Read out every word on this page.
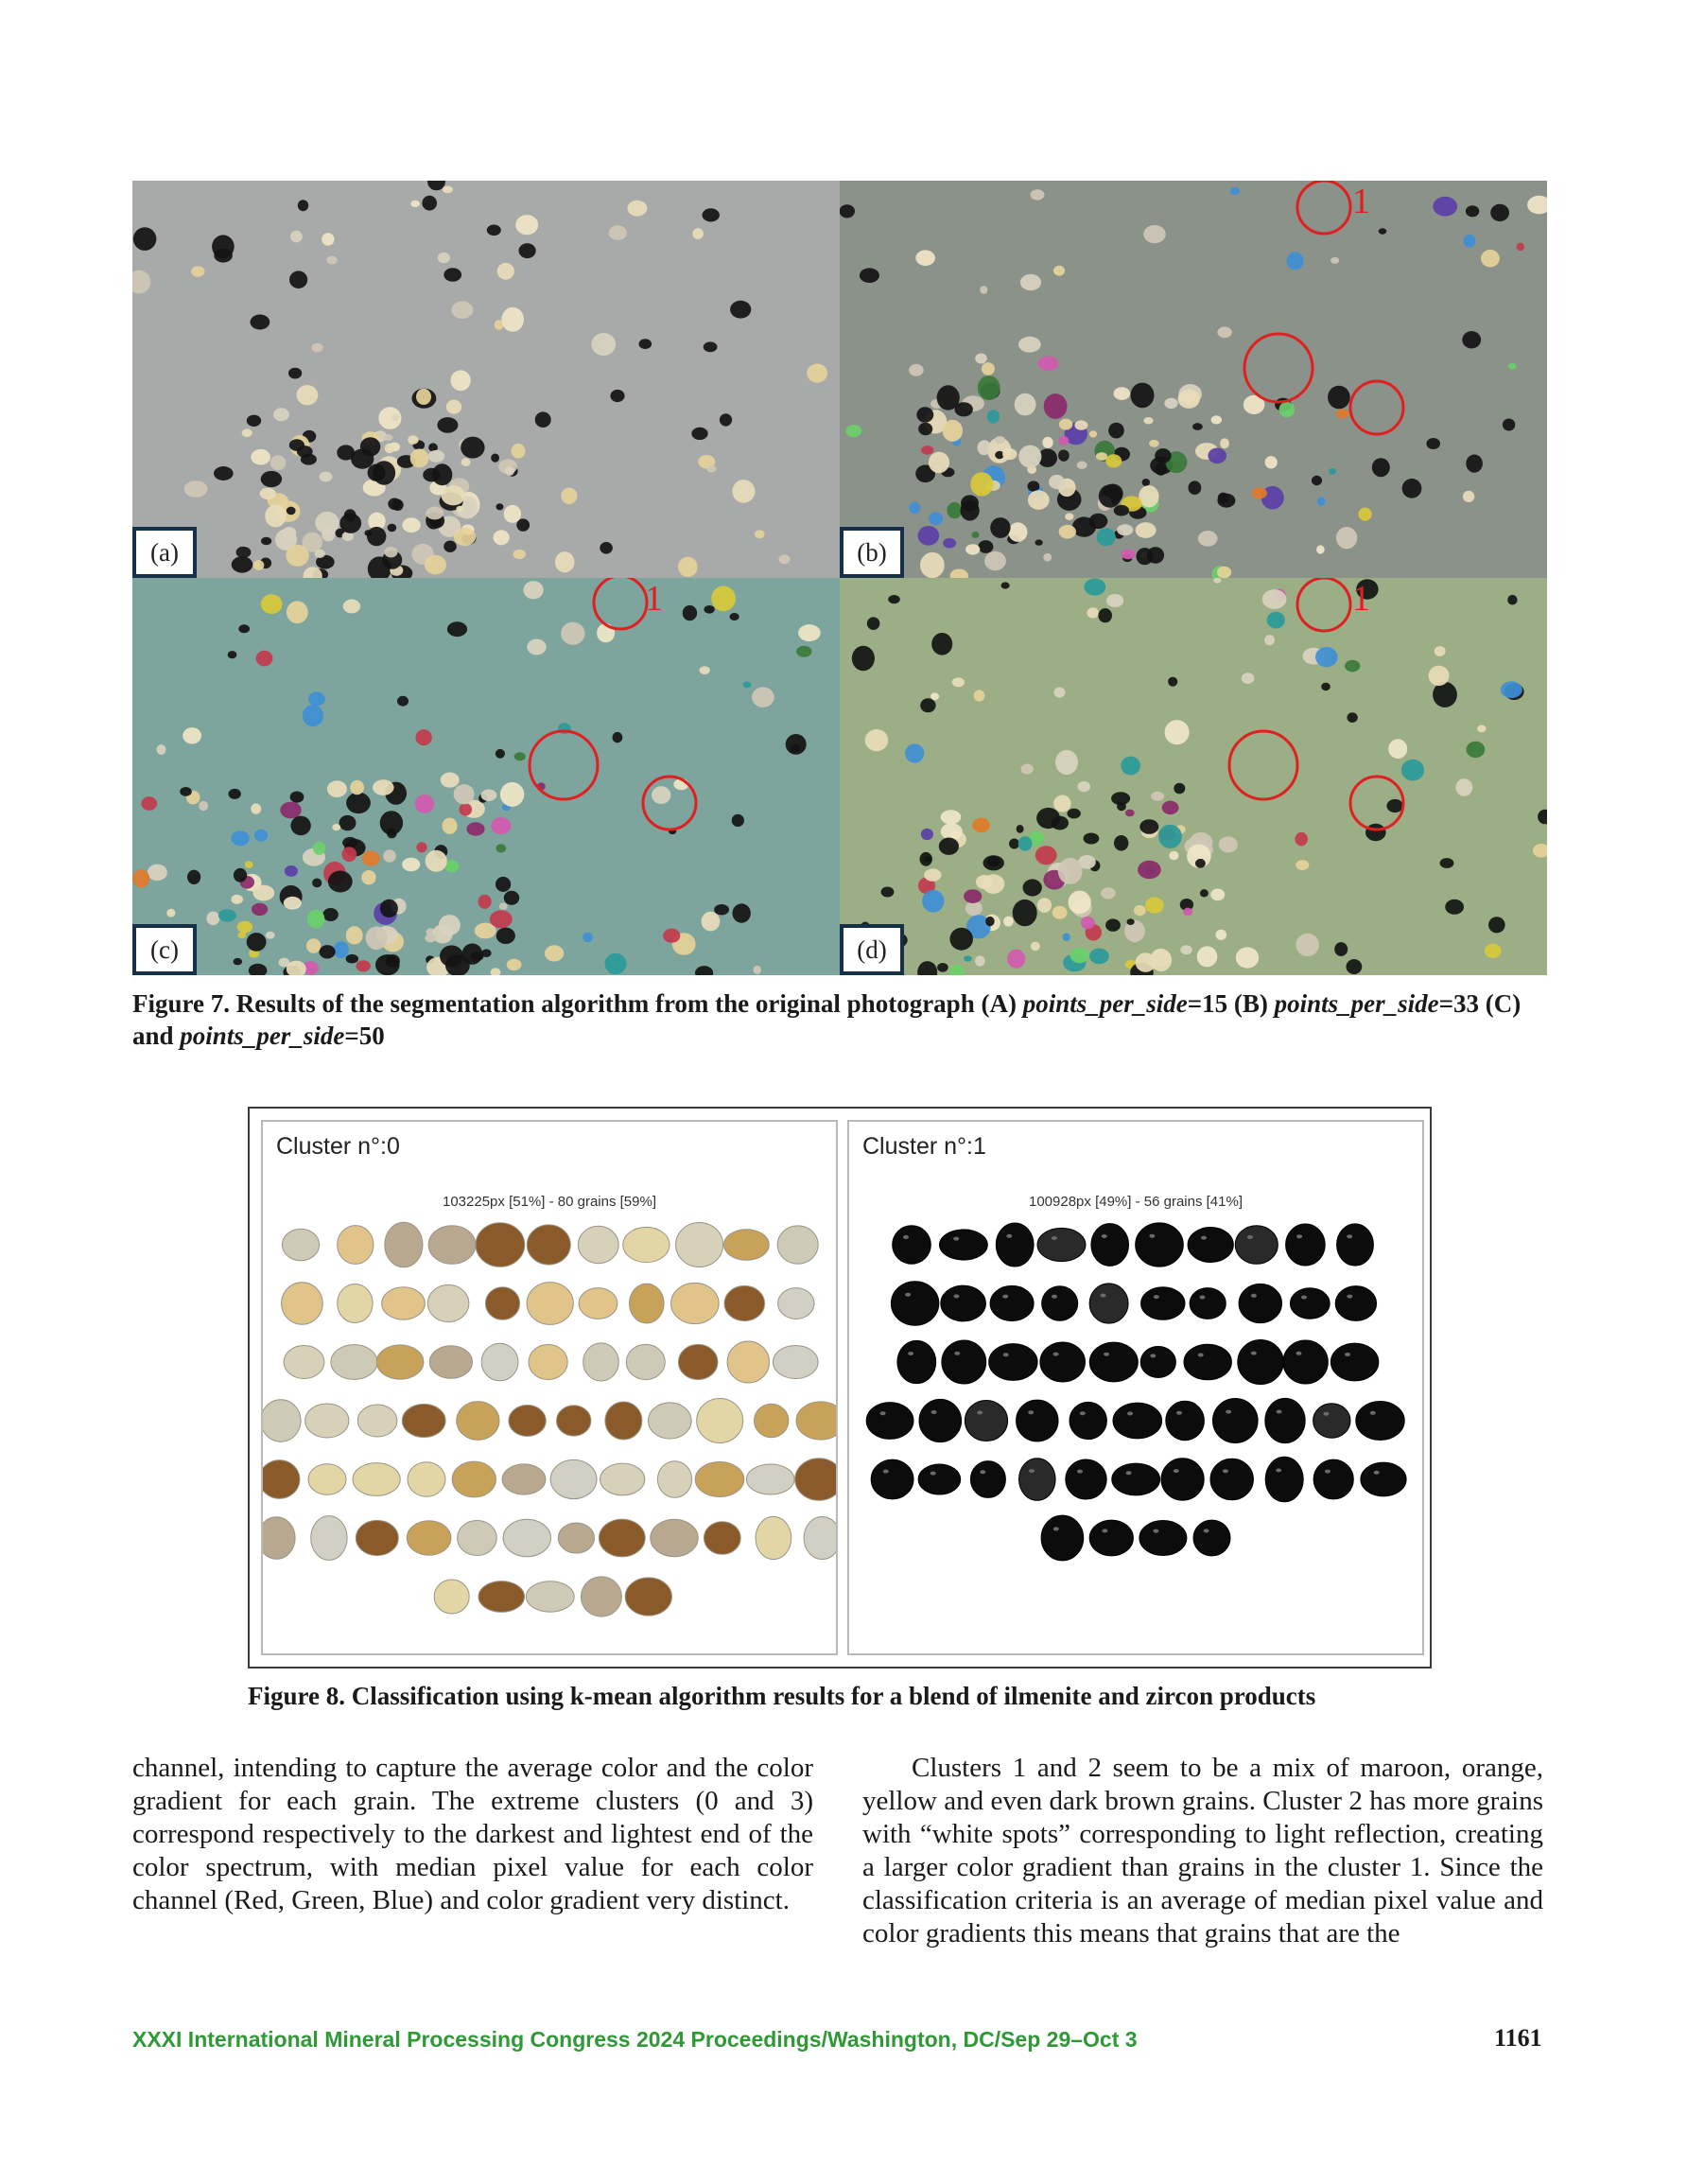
(a)
1
(b)
1
(c)
1
(d)
Figure 7. Results of the segmentation algorithm from the original photograph (A) points_per_side=15 (B) points_per_side=33 (C) and points_per_side=50
Cluster n°:0
103225px [51%] - 80 grains [59%]
Cluster n°:1
100928px [49%] - 56 grains [41%]
Figure 8. Classification using k-mean algorithm results for a blend of ilmenite and zircon products

channel, intending to capture the average color and the color gradient for each grain. The extreme clusters (0 and 3) correspond respectively to the darkest and lightest end of the color spectrum, with median pixel value for each color channel (Red, Green, Blue) and color gradient very distinct.

Clusters 1 and 2 seem to be a mix of maroon, orange, yellow and even dark brown grains. Cluster 2 has more grains with “white spots” corresponding to light reflection, creating a larger color gradient than grains in the cluster 1. Since the classification criteria is an average of median pixel value and color gradients this means that grains that are the

XXXI International Mineral Processing Congress 2024 Proceedings/Washington, DC/Sep 29–Oct 3	1161
